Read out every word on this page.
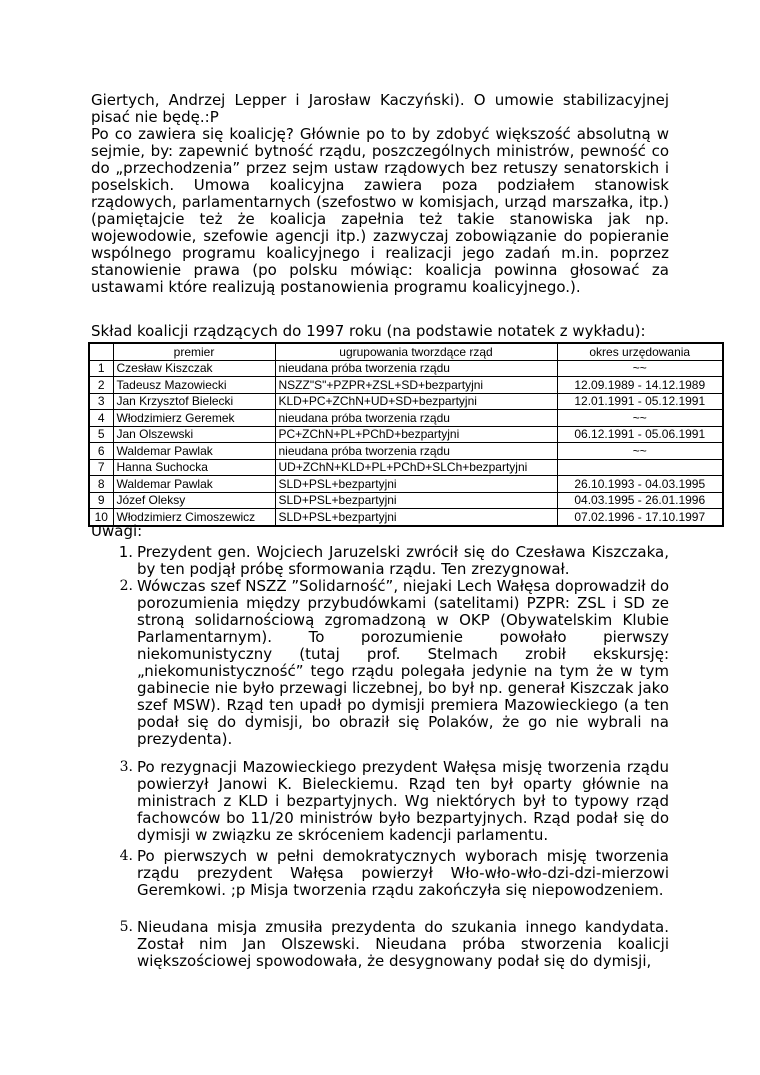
Giertych, Andrzej Lepper i Jarosław Kaczyński). O umowie stabilizacyjnej pisać nie będę.:P

Po co zawiera się koalicję? Głównie po to by zdobyć większość absolutną w sejmie, by: zapewnić bytność rządu, poszczególnych ministrów, pewność co do „przechodzenia” przez sejm ustaw rządowych bez retuszy senatorskich i poselskich. Umowa koalicyjna zawiera poza podziałem stanowisk rządowych, parlamentarnych (szefostwo w komisjach, urząd marszałka, itp.) (pamiętajcie też że koalicja zapełnia też takie stanowiska jak np. wojewodowie, szefowie agencji itp.) zazwyczaj zobowiązanie do popieranie wspólnego programu koalicyjnego i realizacji jego zadań m.in. poprzez stanowienie prawa (po polsku mówiąc: koalicja powinna głosować za ustawami które realizują postanowienia programu koalicyjnego.).

Skład koalicji rządzących do 1997 roku (na podstawie notatek z wykładu):

	premier	ugrupowania tworzdące rząd	okres urzędowania
1	Czesław Kiszczak	nieudana próba tworzenia rządu	~~
2	Tadeusz Mazowiecki	NSZZ"S"+PZPR+ZSL+SD+bezpartyjni	12.09.1989 - 14.12.1989
3	Jan Krzysztof Bielecki	KLD+PC+ZChN+UD+SD+bezpartyjni	12.01.1991 - 05.12.1991
4	Włodzimierz Geremek	nieudana próba tworzenia rządu	~~
5	Jan Olszewski	PC+ZChN+PL+PChD+bezpartyjni	06.12.1991 - 05.06.1991
6	Waldemar Pawlak	nieudana próba tworzenia rządu	~~
7	Hanna Suchocka	UD+ZChN+KLD+PL+PChD+SLCh+bezpartyjni	
8	Waldemar Pawlak	SLD+PSL+bezpartyjni	26.10.1993 - 04.03.1995
9	Józef Oleksy	SLD+PSL+bezpartyjni	04.03.1995 - 26.01.1996
10	Włodzimierz Cimoszewicz	SLD+PSL+bezpartyjni	07.02.1996 - 17.10.1997

Uwagi:

1. Prezydent gen. Wojciech Jaruzelski zwrócił się do Czesława Kiszczaka, by ten podjął próbę sformowania rządu. Ten zrezygnował.
2. Wówczas szef NSZZ ”Solidarność”, niejaki Lech Wałęsa doprowadził do porozumienia między przybudówkami (satelitami) PZPR: ZSL i SD ze stroną solidarnościową zgromadzoną w OKP (Obywatelskim Klubie Parlamentarnym). To porozumienie powołało pierwszy niekomunistyczny (tutaj prof. Stelmach zrobił ekskursję: „niekomunistyczność” tego rządu polegała jedynie na tym że w tym gabinecie nie było przewagi liczebnej, bo był np. generał Kiszczak jako szef MSW). Rząd ten upadł po dymisji premiera Mazowieckiego (a ten podał się do dymisji, bo obraził się Polaków, że go nie wybrali na prezydenta).
3. Po rezygnacji Mazowieckiego prezydent Wałęsa misję tworzenia rządu powierzył Janowi K. Bieleckiemu. Rząd ten był oparty głównie na ministrach z KLD i bezpartyjnych. Wg niektórych był to typowy rząd fachowców bo 11/20 ministrów było bezpartyjnych. Rząd podał się do dymisji w związku ze skróceniem kadencji parlamentu.
4. Po pierwszych w pełni demokratycznych wyborach misję tworzenia rządu prezydent Wałęsa powierzył Wło-wło-wło-dzi-dzi-mierzowi Geremkowi. ;p Misja tworzenia rządu zakończyła się niepowodzeniem.
5. Nieudana misja zmusiła prezydenta do szukania innego kandydata. Został nim Jan Olszewski. Nieudana próba stworzenia koalicji większościowej spowodowała, że desygnowany podał się do dymisji,
